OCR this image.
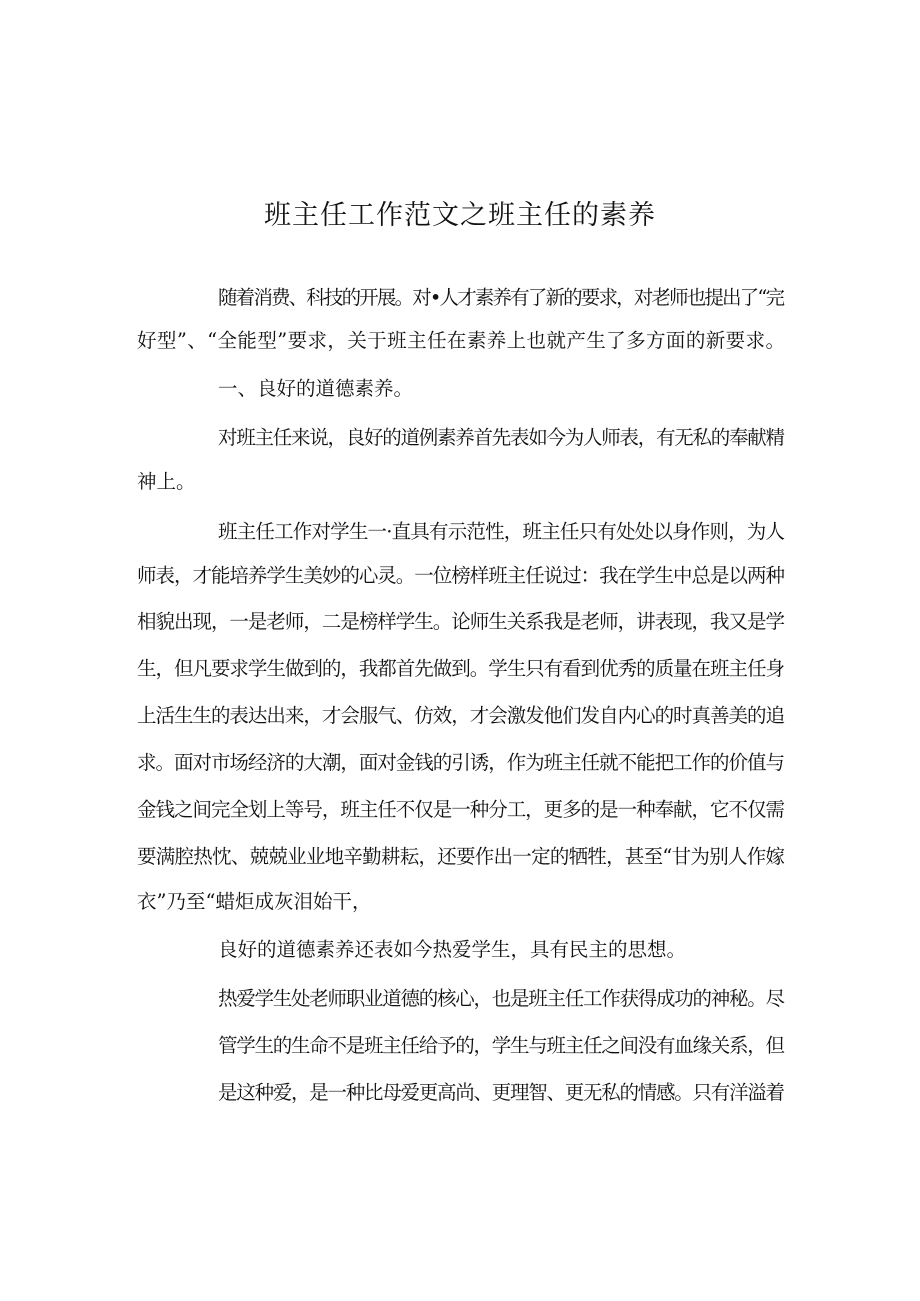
班主任工作范文之班主任的素养

随着消费、科技的开展。对•人才素养有了新的要求，对老师也提出了“完

好型”、“全能型”要求，关于班主任在素养上也就产生了多方面的新要求。

一、良好的道德素养。

对班主任来说，良好的道例素养首先表如今为人师表，有无私的奉献精

神上。

班主任工作对学生一·直具有示范性，班主任只有处处以身作则，为人

师表，才能培养学生美妙的心灵。一位榜样班主任说过：我在学生中总是以两种

相貌出现，一是老师，二是榜样学生。论师生关系我是老师，讲表现，我又是学

生，但凡要求学生做到的，我都首先做到。学生只有看到优秀的质量在班主任身

上活生生的表达出来，才会服气、仿效，才会激发他们发自内心的时真善美的追

求。面对市场经济的大潮，面对金钱的引诱，作为班主任就不能把工作的价值与

金钱之间完全划上等号，班主任不仅是一种分工，更多的是一种奉献，它不仅需

要满腔热忱、兢兢业业地辛勤耕耘，还要作出一定的牺牲，甚至“甘为别人作嫁

衣”乃至“蜡炬成灰泪始干，

良好的道德素养还表如今热爱学生，具有民主的思想。

热爱学生处老师职业道德的核心，也是班主任工作获得成功的神秘。尽

管学生的生命不是班主任给予的，学生与班主任之间没有血缘关系，但

是这种爱，是一种比母爱更高尚、更理智、更无私的情感。只有洋溢着
